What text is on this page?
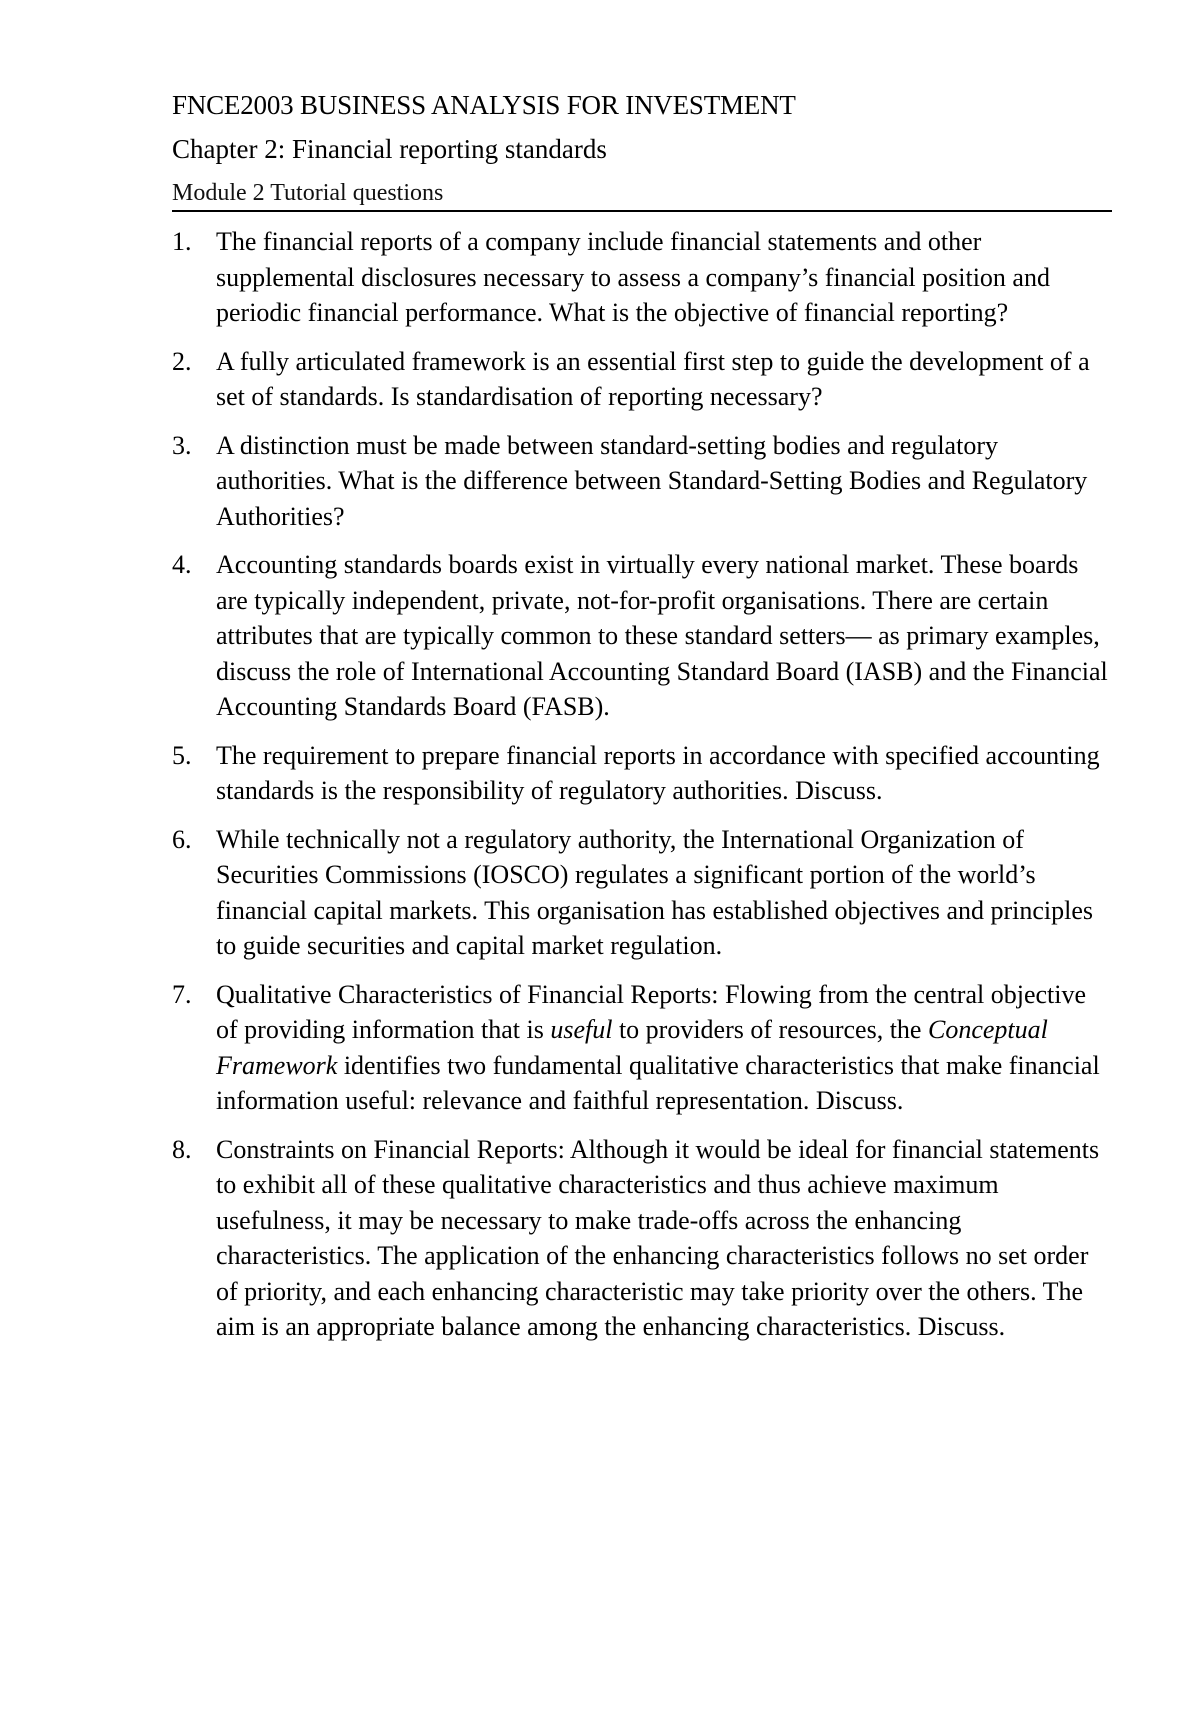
FNCE2003 BUSINESS ANALYSIS FOR INVESTMENT
Chapter 2: Financial reporting standards
Module 2 Tutorial questions
1. The financial reports of a company include financial statements and other supplemental disclosures necessary to assess a company’s financial position and periodic financial performance. What is the objective of financial reporting?
2. A fully articulated framework is an essential first step to guide the development of a set of standards. Is standardisation of reporting necessary?
3. A distinction must be made between standard-setting bodies and regulatory authorities. What is the difference between Standard-Setting Bodies and Regulatory Authorities?
4. Accounting standards boards exist in virtually every national market. These boards are typically independent, private, not-for-profit organisations. There are certain attributes that are typically common to these standard setters— as primary examples, discuss the role of International Accounting Standard Board (IASB) and the Financial Accounting Standards Board (FASB).
5. The requirement to prepare financial reports in accordance with specified accounting standards is the responsibility of regulatory authorities. Discuss.
6. While technically not a regulatory authority, the International Organization of Securities Commissions (IOSCO) regulates a significant portion of the world’s financial capital markets. This organisation has established objectives and principles to guide securities and capital market regulation.
7. Qualitative Characteristics of Financial Reports: Flowing from the central objective of providing information that is useful to providers of resources, the Conceptual Framework identifies two fundamental qualitative characteristics that make financial information useful: relevance and faithful representation. Discuss.
8. Constraints on Financial Reports: Although it would be ideal for financial statements to exhibit all of these qualitative characteristics and thus achieve maximum usefulness, it may be necessary to make trade-offs across the enhancing characteristics. The application of the enhancing characteristics follows no set order of priority, and each enhancing characteristic may take priority over the others. The aim is an appropriate balance among the enhancing characteristics. Discuss.
